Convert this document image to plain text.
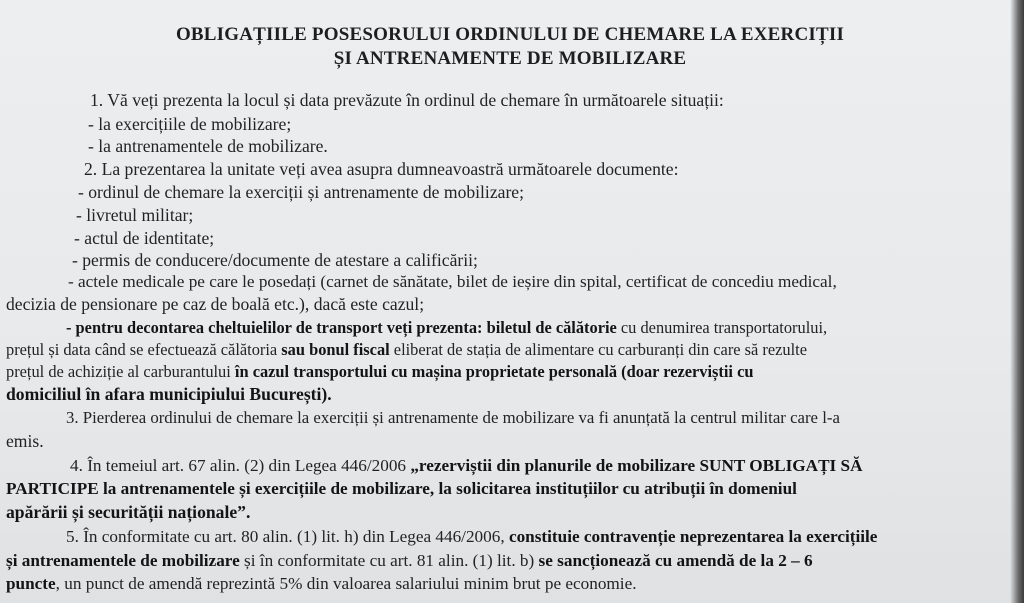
OBLIGAȚIILE POSESORULUI ORDINULUI DE CHEMARE LA EXERCIȚII
ȘI ANTRENAMENTE DE MOBILIZARE
1. Vă veți prezenta la locul și data prevăzute în ordinul de chemare în următoarele situații:
- la exercițiile de mobilizare;
- la antrenamentele de mobilizare.
2. La prezentarea la unitate veți avea asupra dumneavoastră următoarele documente:
- ordinul de chemare la exerciții și antrenamente de mobilizare;
- livretul militar;
- actul de identitate;
- permis de conducere/documente de atestare a calificării;
- actele medicale pe care le posedați (carnet de sănătate, bilet de ieșire din spital, certificat de concediu medical,
decizia de pensionare pe caz de boală etc.), dacă este cazul;
- pentru decontarea cheltuielilor de transport veți prezenta: biletul de călătorie cu denumirea transportatorului,
prețul și data când se efectuează călătoria sau bonul fiscal eliberat de stația de alimentare cu carburanți din care să rezulte
prețul de achiziție al carburantului în cazul transportului cu mașina proprietate personală (doar rezerviștii cu
domiciliul în afara municipiului București).
3. Pierderea ordinului de chemare la exerciții și antrenamente de mobilizare va fi anunțată la centrul militar care l-a
emis.
4. În temeiul art. 67 alin. (2) din Legea 446/2006 „rezerviștii din planurile de mobilizare SUNT OBLIGAȚI SĂ
PARTICIPE la antrenamentele și exercițiile de mobilizare, la solicitarea instituțiilor cu atribuții în domeniul
apărării și securității naționale”.
5. În conformitate cu art. 80 alin. (1) lit. h) din Legea 446/2006, constituie contravenție neprezentarea la exercițiile
și antrenamentele de mobilizare și în conformitate cu art. 81 alin. (1) lit. b) se sancționează cu amendă de la 2 – 6
puncte, un punct de amendă reprezintă 5% din valoarea salariului minim brut pe economie.
